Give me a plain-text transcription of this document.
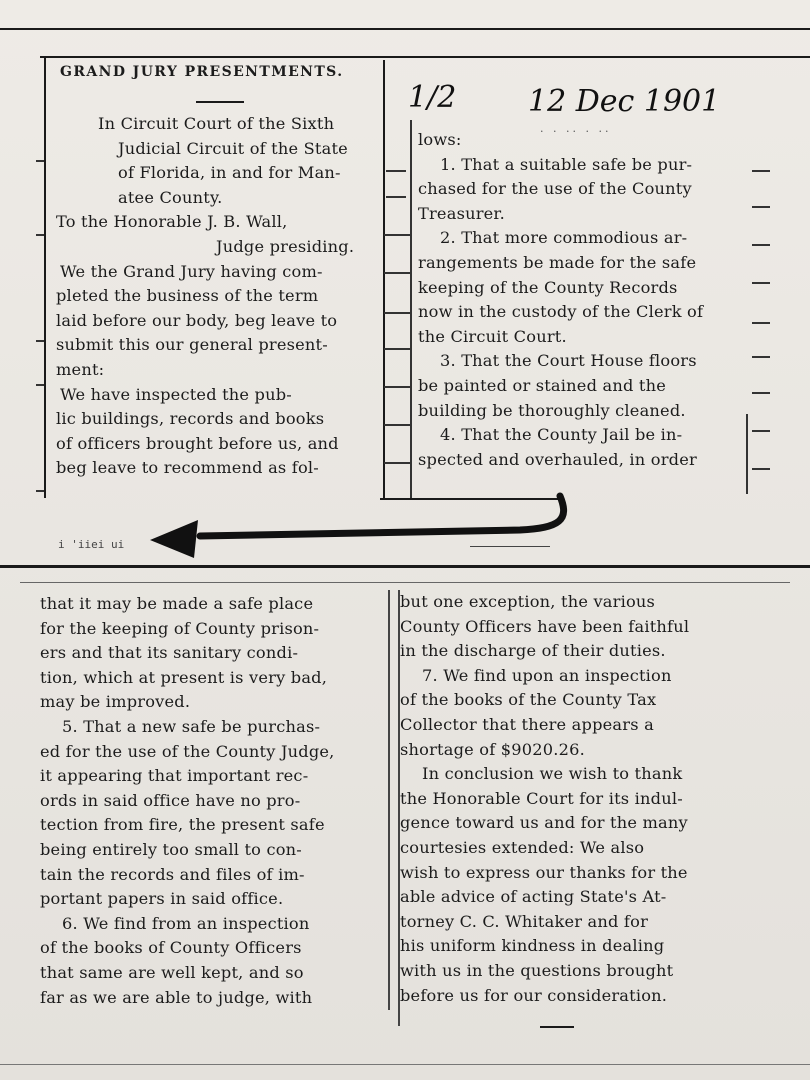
GRAND JURY PRESENTMENTS.
1/2 12 Dec 1901
. . .. . ..
In Circuit Court of the Sixth
Judicial Circuit of the State
of Florida, in and for Man-
atee County.
To the Honorable J. B. Wall,
Judge presiding.
We the Grand Jury having com-
pleted the business of the term
laid before our body, beg leave to
submit this our general present-
ment:
We have inspected the pub-
lic buildings, records and books
of officers brought before us, and
beg leave to recommend as fol-
lows:
1. That a suitable safe be pur-
chased for the use of the County
Treasurer.
2. That more commodious ar-
rangements be made for the safe
keeping of the County Records
now in the custody of the Clerk of
the Circuit Court.
3. That the Court House floors
be painted or stained and the
building be thoroughly cleaned.
4. That the County Jail be in-
spected and overhauled, in order
i 'iiei ui
that it may be made a safe place
for the keeping of County prison-
ers and that its sanitary condi-
tion, which at present is very bad,
may be improved.
5. That a new safe be purchas-
ed for the use of the County Judge,
it appearing that important rec-
ords in said office have no pro-
tection from fire, the present safe
being entirely too small to con-
tain the records and files of im-
portant papers in said office.
6. We find from an inspection
of the books of County Officers
that same are well kept, and so
far as we are able to judge, with
but one exception, the various
County Officers have been faithful
in the discharge of their duties.
7. We find upon an inspection
of the books of the County Tax
Collector that there appears a
shortage of $9020.26.
In conclusion we wish to thank
the Honorable Court for its indul-
gence toward us and for the many
courtesies extended: We also
wish to express our thanks for the
able advice of acting State's At-
torney C. C. Whitaker and for
his uniform kindness in dealing
with us in the questions brought
before us for our consideration.
